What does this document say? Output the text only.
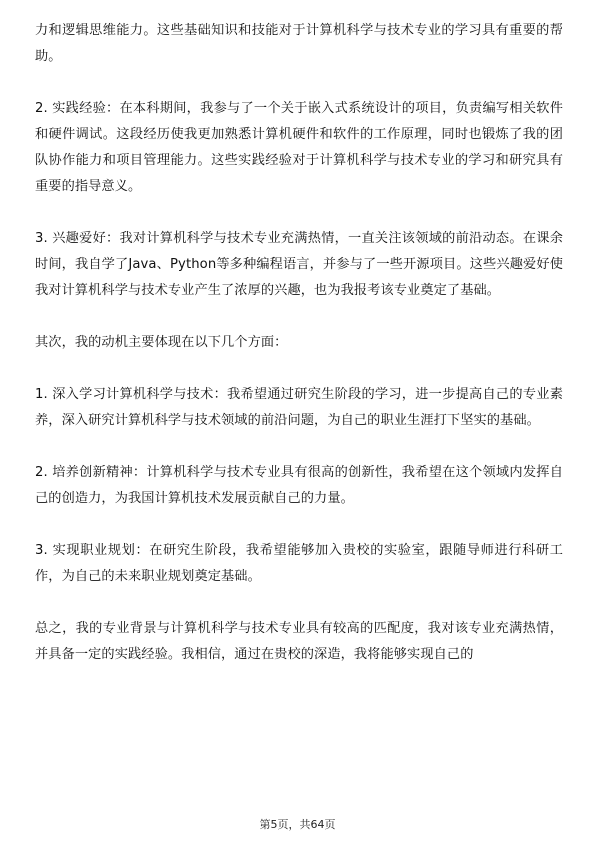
力和逻辑思维能力。这些基础知识和技能对于计算机科学与技术专业的学习具有重要的帮助。

2. 实践经验：在本科期间，我参与了一个关于嵌入式系统设计的项目，负责编写相关软件和硬件调试。这段经历使我更加熟悉计算机硬件和软件的工作原理，同时也锻炼了我的团队协作能力和项目管理能力。这些实践经验对于计算机科学与技术专业的学习和研究具有重要的指导意义。

3. 兴趣爱好：我对计算机科学与技术专业充满热情，一直关注该领域的前沿动态。在课余时间，我自学了Java、Python等多种编程语言，并参与了一些开源项目。这些兴趣爱好使我对计算机科学与技术专业产生了浓厚的兴趣，也为我报考该专业奠定了基础。

其次，我的动机主要体现在以下几个方面：

1. 深入学习计算机科学与技术：我希望通过研究生阶段的学习，进一步提高自己的专业素养，深入研究计算机科学与技术领域的前沿问题，为自己的职业生涯打下坚实的基础。

2. 培养创新精神：计算机科学与技术专业具有很高的创新性，我希望在这个领域内发挥自己的创造力，为我国计算机技术发展贡献自己的力量。

3. 实现职业规划：在研究生阶段，我希望能够加入贵校的实验室，跟随导师进行科研工作，为自己的未来职业规划奠定基础。

总之，我的专业背景与计算机科学与技术专业具有较高的匹配度，我对该专业充满热情，并具备一定的实践经验。我相信，通过在贵校的深造，我将能够实现自己的

第5页，共64页
